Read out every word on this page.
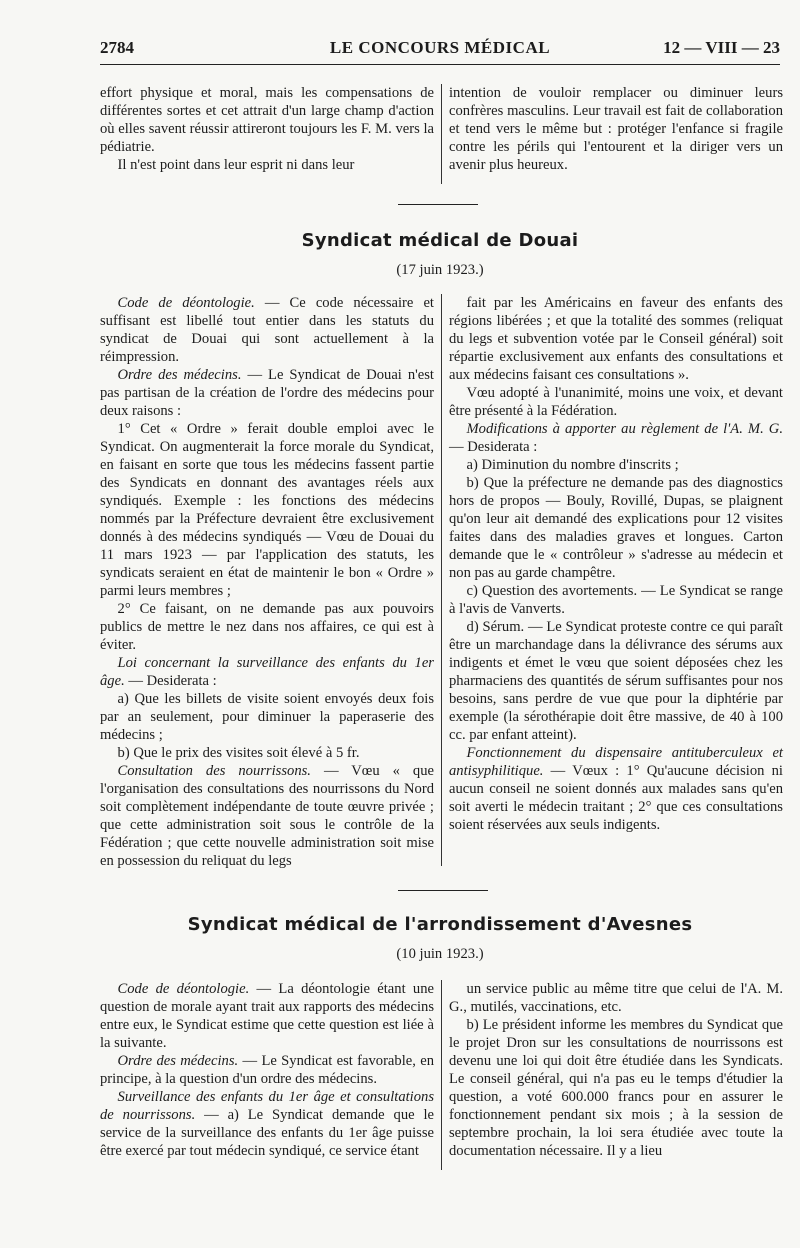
2784	LE CONCOURS MÉDICAL	12 — VIII — 23

effort physique et moral, mais les compensations de différentes sortes et cet attrait d'un large champ d'action où elles savent réussir attireront toujours les F. M. vers la pédiatrie.

Il n'est point dans leur esprit ni dans leur

intention de vouloir remplacer ou diminuer leurs confrères masculins. Leur travail est fait de collaboration et tend vers le même but : protéger l'enfance si fragile contre les périls qui l'entourent et la diriger vers un avenir plus heureux.

Syndicat médical de Douai
(17 juin 1923.)

Code de déontologie. — Ce code nécessaire et suffisant est libellé tout entier dans les statuts du syndicat de Douai qui sont actuellement à la réimpression.

Ordre des médecins. — Le Syndicat de Douai n'est pas partisan de la création de l'ordre des médecins pour deux raisons :

1° Cet « Ordre » ferait double emploi avec le Syndicat. On augmenterait la force morale du Syndicat, en faisant en sorte que tous les médecins fassent partie des Syndicats en donnant des avantages réels aux syndiqués. Exemple : les fonctions des médecins nommés par la Préfecture devraient être exclusivement donnés à des médecins syndiqués — Vœu de Douai du 11 mars 1923 — par l'application des statuts, les syndicats seraient en état de maintenir le bon « Ordre » parmi leurs membres ;

2° Ce faisant, on ne demande pas aux pouvoirs publics de mettre le nez dans nos affaires, ce qui est à éviter.

Loi concernant la surveillance des enfants du 1er âge. — Desiderata :

a) Que les billets de visite soient envoyés deux fois par an seulement, pour diminuer la paperaserie des médecins ;

b) Que le prix des visites soit élevé à 5 fr.

Consultation des nourrissons. — Vœu « que l'organisation des consultations des nourrissons du Nord soit complètement indépendante de toute œuvre privée ; que cette administration soit sous le contrôle de la Fédération ; que cette nouvelle administration soit mise en possession du reliquat du legs

fait par les Américains en faveur des enfants des régions libérées ; et que la totalité des sommes (reliquat du legs et subvention votée par le Conseil général) soit répartie exclusivement aux enfants des consultations et aux médecins faisant ces consultations ».

Vœu adopté à l'unanimité, moins une voix, et devant être présenté à la Fédération.

Modifications à apporter au règlement de l'A. M. G. — Desiderata :

a) Diminution du nombre d'inscrits ;

b) Que la préfecture ne demande pas des diagnostics hors de propos — Bouly, Rovillé, Dupas, se plaignent qu'on leur ait demandé des explications pour 12 visites faites dans des maladies graves et longues. Carton demande que le « contrôleur » s'adresse au médecin et non pas au garde champêtre.

c) Question des avortements. — Le Syndicat se range à l'avis de Vanverts.

d) Sérum. — Le Syndicat proteste contre ce qui paraît être un marchandage dans la délivrance des sérums aux indigents et émet le vœu que soient déposées chez les pharmaciens des quantités de sérum suffisantes pour nos besoins, sans perdre de vue que pour la diphtérie par exemple (la sérothérapie doit être massive, de 40 à 100 cc. par enfant atteint).

Fonctionnement du dispensaire antituberculeux et antisyphilitique. — Vœux : 1° Qu'aucune décision ni aucun conseil ne soient donnés aux malades sans qu'en soit averti le médecin traitant ; 2° que ces consultations soient réservées aux seuls indigents.

Syndicat médical de l'arrondissement d'Avesnes
(10 juin 1923.)

Code de déontologie. — La déontologie étant une question de morale ayant trait aux rapports des médecins entre eux, le Syndicat estime que cette question est liée à la suivante.

Ordre des médecins. — Le Syndicat est favorable, en principe, à la question d'un ordre des médecins.

Surveillance des enfants du 1er âge et consultations de nourrissons. — a) Le Syndicat demande que le service de la surveillance des enfants du 1er âge puisse être exercé par tout médecin syndiqué, ce service étant

un service public au même titre que celui de l'A. M. G., mutilés, vaccinations, etc.

b) Le président informe les membres du Syndicat que le projet Dron sur les consultations de nourrissons est devenu une loi qui doit être étudiée dans les Syndicats. Le conseil général, qui n'a pas eu le temps d'étudier la question, a voté 600.000 francs pour en assurer le fonctionnement pendant six mois ; à la session de septembre prochain, la loi sera étudiée avec toute la documentation nécessaire. Il y a lieu
